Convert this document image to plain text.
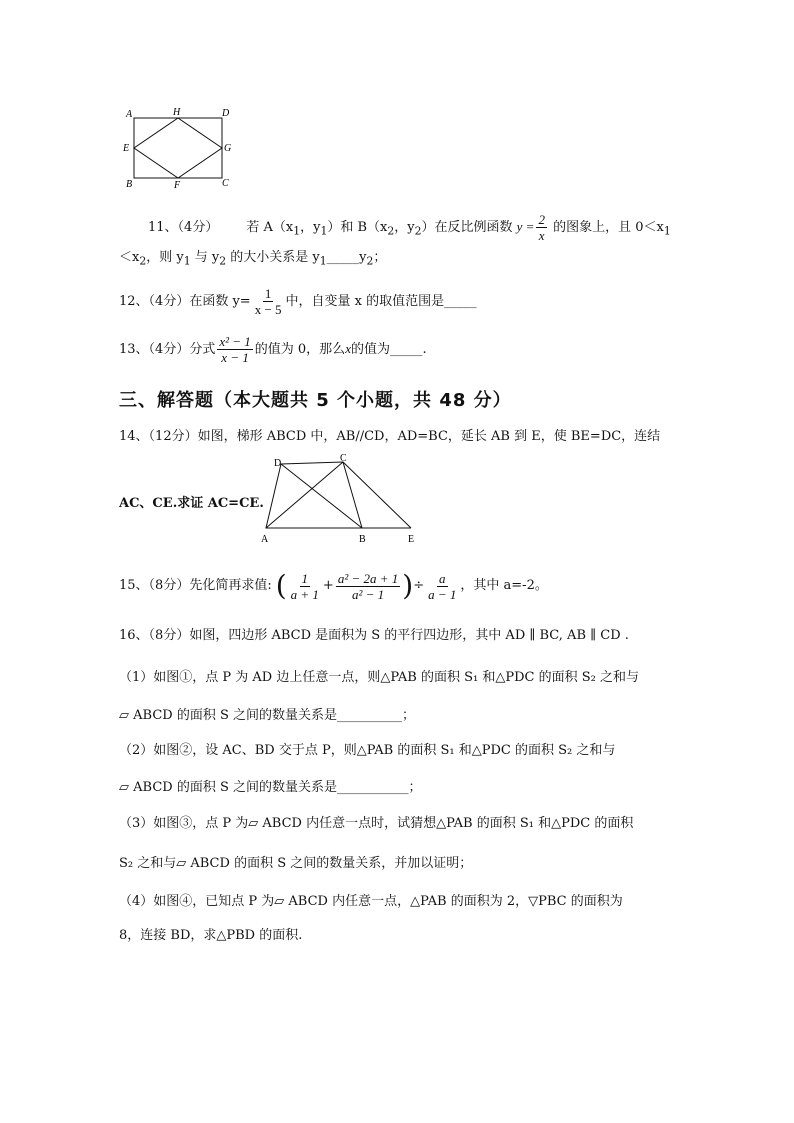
A	H	D
E	G
B	F	C
11、（4分） 若 $A(x_1$，$y_1$）和 $B(x_2$，$y_2$）在反比例函数 $y = \frac{2}{x}$ 的图象上，且 $0<x_1$
$<x_2$，则 $y_1$ 与 $y_2$ 的大小关系是 $y_1\_\_\_\_\_y_2$；
12、（4分）在函数 $y= \frac{1}{x - 5}$ 中，自变量 x 的取值范围是_____
13、（4分）分式 $\frac{\text{x² − 1}}{x - 1}$ 的值为 0，那么x的值为_____.
三、解答题（本大题共 5 个小题，共 48 分）
14、（12分）如图，梯形 ABCD 中，AB//CD，AD=BC，延长 AB 到 E，使 BE=DC，连结
AC、CE.求证 AC=CE.
D	C
A	B	E
15、（8分）先化简再求值: ( $\frac{1}{a + 1} + \frac{\text{a² − 2a + 1}}{\text{a² − 1}}$ ) ÷ $\frac{a}{a - 1}$ ，其中 a=-2。
16、（8分）如图，四边形 ABCD 是面积为 S 的平行四边形，其中 AD ∥ BC, AB ∥ CD .
（1）如图①，点 P 为 AD 边上任意一点，则△PAB 的面积 S₁ 和△PDC 的面积 S₂ 之和与
▱ ABCD 的面积 S 之间的数量关系是__________；
（2）如图②，设 AC、BD 交于点 P，则△PAB 的面积 S₁ 和△PDC 的面积 S₂ 之和与
▱ ABCD 的面积 S 之间的数量关系是___________；
（3）如图③，点 P 为▱ ABCD 内任意一点时，试猜想△PAB 的面积 S₁ 和△PDC 的面积
S₂ 之和与▱ ABCD 的面积 S 之间的数量关系，并加以证明；
（4）如图④，已知点 P 为▱ ABCD 内任意一点，△PAB 的面积为 2，▽PBC 的面积为
8，连接 BD，求△PBD 的面积.
